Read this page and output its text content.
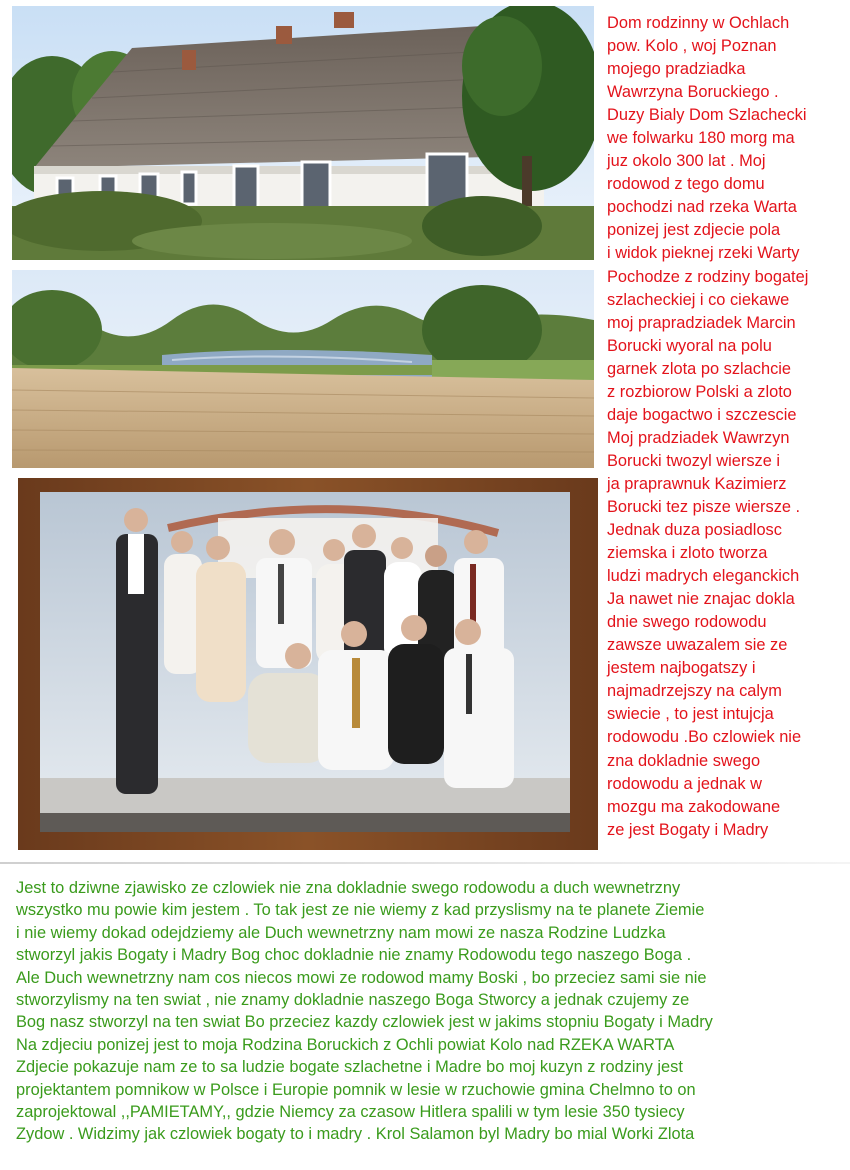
Dom rodzinny w Ochlach
pow. Kolo , woj Poznan
mojego pradziadka
Wawrzyna Boruckiego .
Duzy Bialy Dom Szlachecki
we folwarku 180 morg ma
juz okolo 300 lat . Moj
rodowod z tego domu
pochodzi nad rzeka Warta
ponizej jest zdjecie pola
i widok pieknej rzeki Warty
Pochodze z rodziny bogatej
szlacheckiej i co ciekawe
moj prapradziadek Marcin
Borucki wyoral na polu
garnek zlota po szlachcie
z rozbiorow Polski a zloto
daje bogactwo i szczescie
Moj pradziadek Wawrzyn
Borucki twozyl wiersze i
ja praprawnuk Kazimierz
Borucki tez pisze wiersze .
Jednak duza posiadlosc
ziemska i zloto tworza
ludzi madrych eleganckich
Ja nawet nie znajac dokla
dnie swego rodowodu
zawsze uwazalem sie ze
jestem najbogatszy i
najmadrzejszy na calym
swiecie , to jest intujcja
rodowodu .Bo czlowiek nie
zna dokladnie swego
rodowodu a jednak w
mozgu ma zakodowane
ze jest Bogaty i Madry
Jest to dziwne zjawisko ze czlowiek nie zna dokladnie swego rodowodu a duch wewnetrzny
wszystko mu powie kim jestem . To tak jest ze nie wiemy z kad przyslismy na te planete Ziemie
i nie wiemy dokad odejdziemy ale Duch wewnetrzny nam mowi ze nasza Rodzine Ludzka
stworzyl jakis Bogaty i Madry Bog choc dokladnie nie znamy Rodowodu tego naszego Boga .
Ale Duch wewnetrzny nam cos niecos mowi ze rodowod mamy Boski , bo przeciez sami sie nie
stworzylismy na ten swiat , nie znamy dokladnie naszego Boga Stworcy a jednak czujemy ze
Bog nasz stworzyl na ten swiat Bo przeciez kazdy czlowiek jest w jakims stopniu Bogaty i Madry
Na zdjeciu ponizej jest to moja Rodzina Boruckich z Ochli powiat Kolo nad RZEKA WARTA
Zdjecie pokazuje nam ze to sa ludzie bogate szlachetne i Madre bo moj kuzyn z rodziny jest
projektantem pomnikow w Polsce i Europie pomnik w lesie w rzuchowie gmina Chelmno to on
zaprojektowal ,,PAMIETAMY,, gdzie Niemcy za czasow Hitlera spalili w tym lesie 350 tysiecy
Zydow . Widzimy jak czlowiek bogaty to i madry . Krol Salamon byl Madry bo mial Worki Zlota
